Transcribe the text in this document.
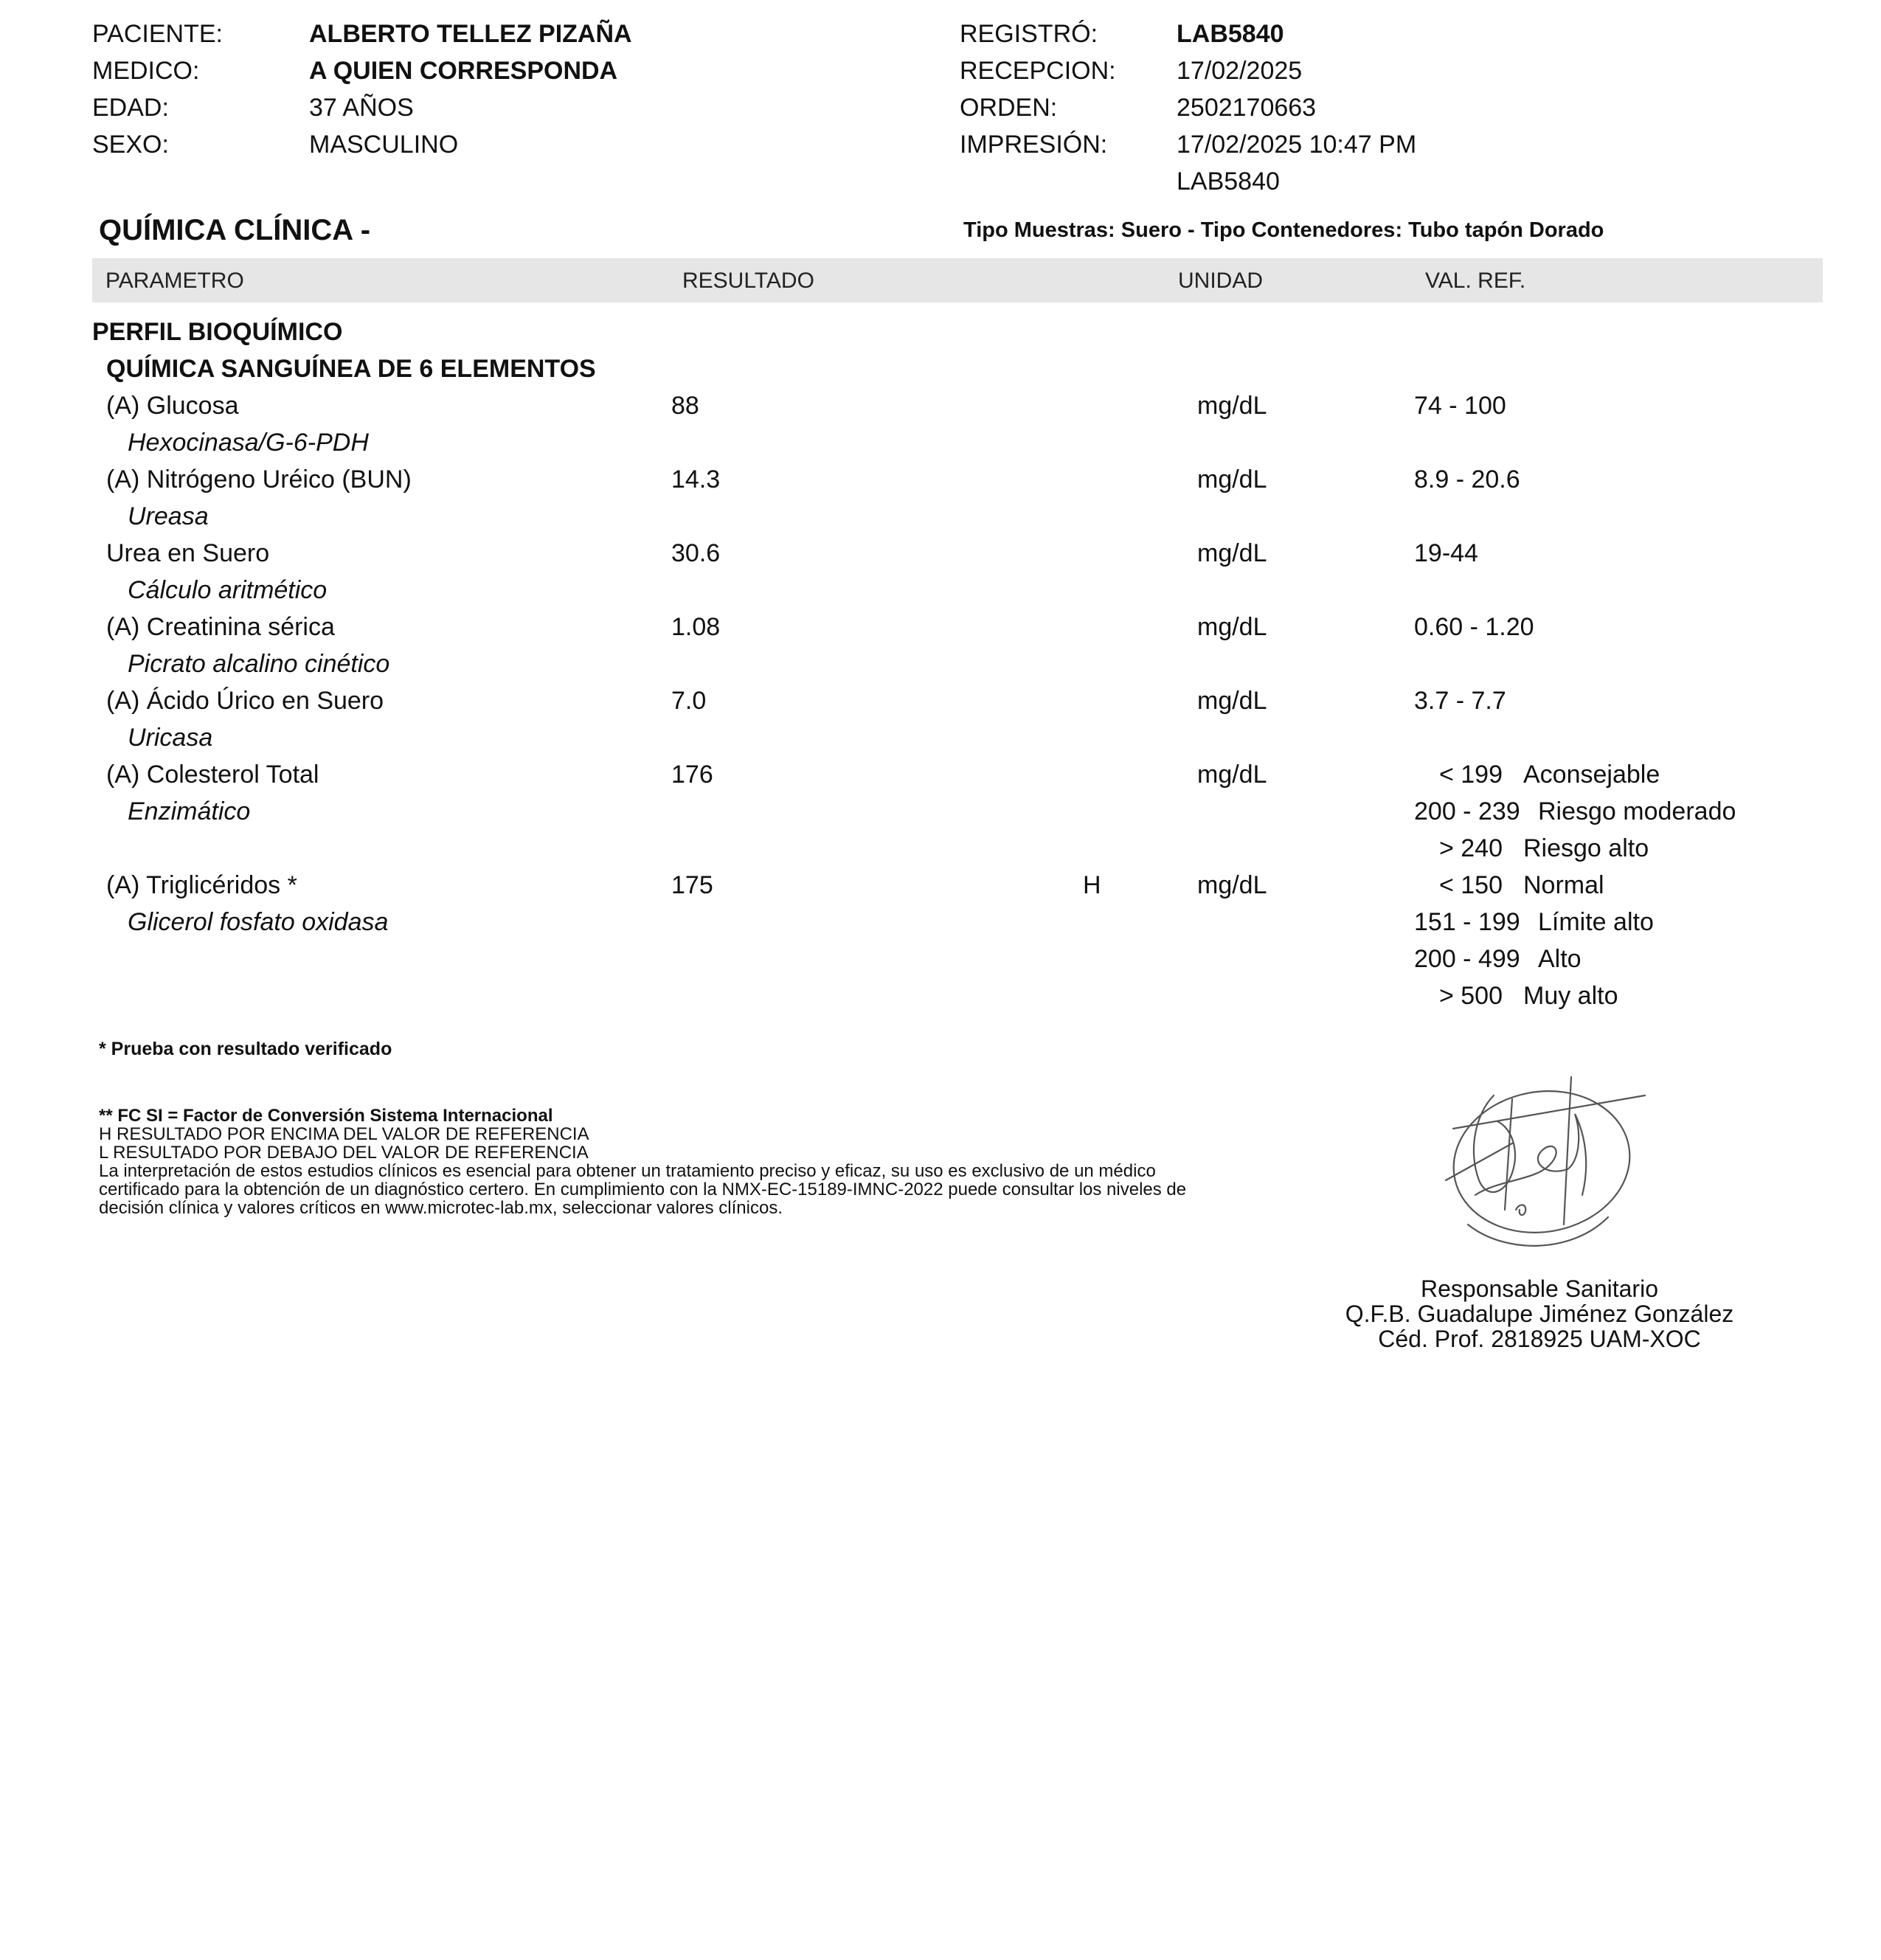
PACIENTE:	ALBERTO TELLEZ PIZAÑA
MEDICO:	A QUIEN CORRESPONDA
EDAD:	37 AÑOS
SEXO:	MASCULINO
REGISTRÓ:	LAB5840
RECEPCION: 17/02/2025
ORDEN:	2502170663
IMPRESIÓN:	17/02/2025 10:47 PM
LAB5840
QUÍMICA CLÍNICA -	Tipo Muestras: Suero - Tipo Contenedores: Tubo tapón Dorado
PARAMETRO	RESULTADO	UNIDAD	VAL. REF.
PERFIL BIOQUÍMICO
QUÍMICA SANGUÍNEA DE 6 ELEMENTOS
(A) Glucosa	88	mg/dL	74 - 100
Hexocinasa/G-6-PDH
(A) Nitrógeno Uréico (BUN)	14.3	mg/dL	8.9 - 20.6
Ureasa
Urea en Suero	30.6	mg/dL	19-44
Cálculo aritmético
(A) Creatinina sérica	1.08	mg/dL	0.60 - 1.20
Picrato alcalino cinético
(A) Ácido Úrico en Suero	7.0	mg/dL	3.7 - 7.7
Uricasa
(A) Colesterol Total	176	mg/dL
Enzimático
< 199 Aconsejable
200 - 239 Riesgo moderado
> 240 Riesgo alto
(A) Triglicéridos *	175	H	mg/dL
Glicerol fosfato oxidasa
< 150 Normal
151 - 199 Límite alto
200 - 499 Alto
> 500 Muy alto
* Prueba con resultado verificado
** FC SI = Factor de Conversión Sistema Internacional
H RESULTADO POR ENCIMA DEL VALOR DE REFERENCIA
L RESULTADO POR DEBAJO DEL VALOR DE REFERENCIA
La interpretación de estos estudios clínicos es esencial para obtener un tratamiento preciso y eficaz, su uso es exclusivo de un médico
certificado para la obtención de un diagnóstico certero. En cumplimiento con la NMX-EC-15189-IMNC-2022 puede consultar los niveles de
decisión clínica y valores críticos en www.microtec-lab.mx, seleccionar valores clínicos.
Responsable Sanitario
Q.F.B. Guadalupe Jiménez González
Céd. Prof. 2818925 UAM-XOC
